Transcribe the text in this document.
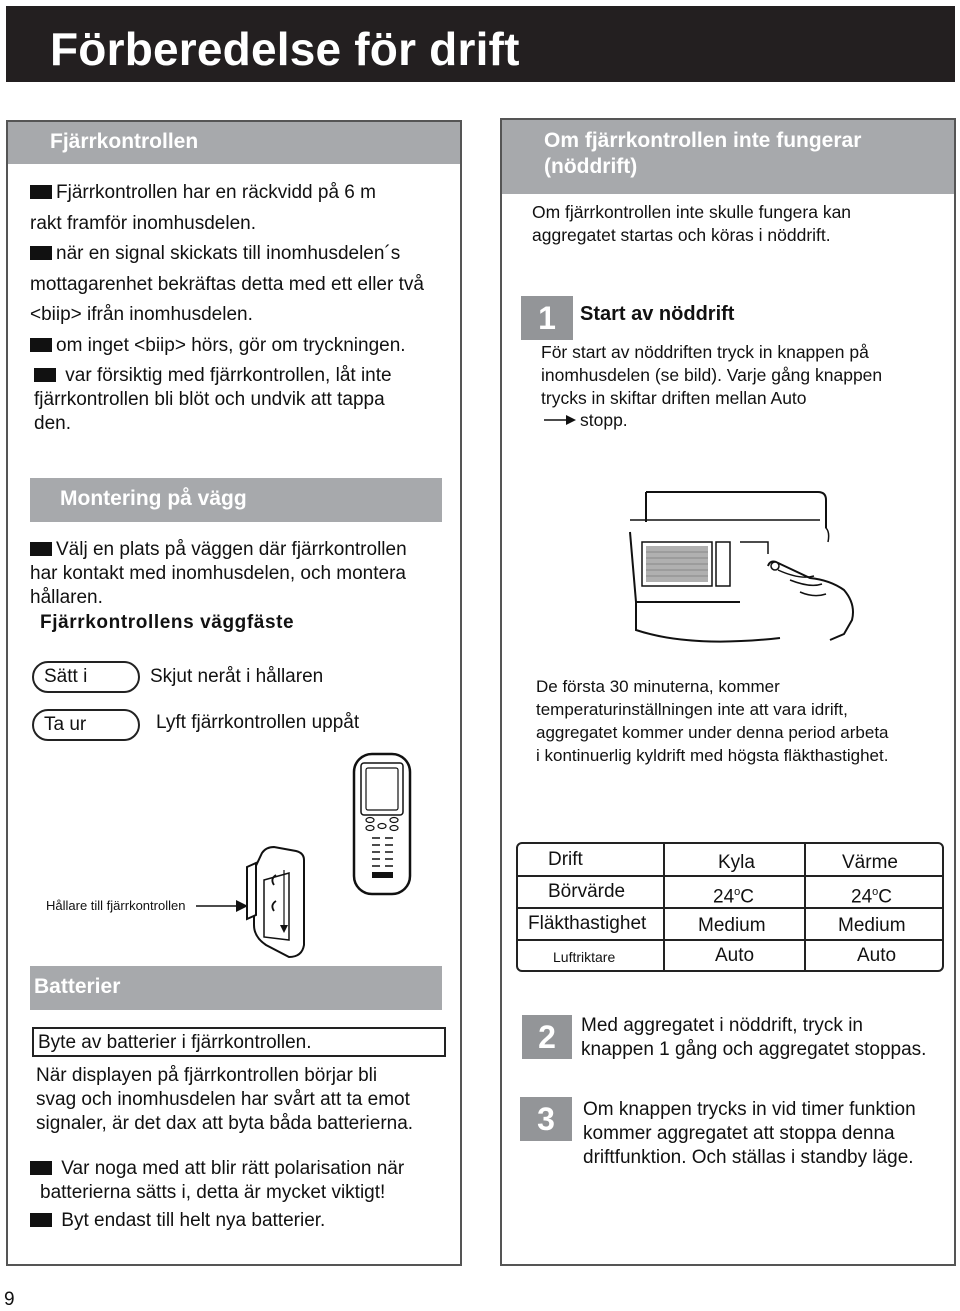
Förberedelse för drift
Fjärrkontrollen
Fjärrkontrollen har en räckvidd på 6 m
rakt framför inomhusdelen.
när en signal skickats till inomhusdelen´s
mottagarenhet bekräftas detta med ett eller två
<biip> ifrån inomhusdelen.
om inget <biip> hörs, gör om tryckningen.
var försiktig med fjärrkontrollen, låt inte
fjärrkontrollen bli blöt och undvik att tappa
den.
Montering på vägg
Välj en plats på väggen där fjärrkontrollen
har kontakt med inomhusdelen, och montera
hållaren.
Fjärrkontrollens väggfäste
Sätt i	Skjut neråt i hållaren
Ta ur	Lyft fjärrkontrollen uppåt
Hållare till fjärrkontrollen
Batterier
Byte av batterier i fjärrkontrollen.
När displayen på fjärrkontrollen börjar bli
svag och inomhusdelen har svårt att ta emot
signaler, är det dax att byta båda batterierna.
Var noga med att blir rätt polarisation när
batterierna sätts i, detta är mycket viktigt!
Byt endast till helt nya batterier.
Om fjärrkontrollen inte fungerar
(nöddrift)
Om fjärrkontrollen inte skulle fungera kan
aggregatet startas och köras i nöddrift.
1	Start av nöddrift
För start av nöddriften tryck in knappen på
inomhusdelen (se bild). Varje gång knappen
trycks in skiftar driften mellan Auto
stopp.
De första 30 minuterna, kommer
temperaturinställningen inte att vara idrift,
aggregatet kommer under denna period arbeta
i kontinuerlig kyldrift med högsta fläkthastighet.
Drift	Kyla	Värme
Börvärde	24$^o$C	24$^o$C
Fläkthastighet	Medium	Medium
Luftriktare	Auto	Auto
2	Med aggregatet i nöddrift, tryck in
knappen 1 gång och aggregatet stoppas.
3	Om knappen trycks in vid timer funktion
kommer aggregatet att stoppa denna
driftfunktion. Och ställas i standby läge.
9
